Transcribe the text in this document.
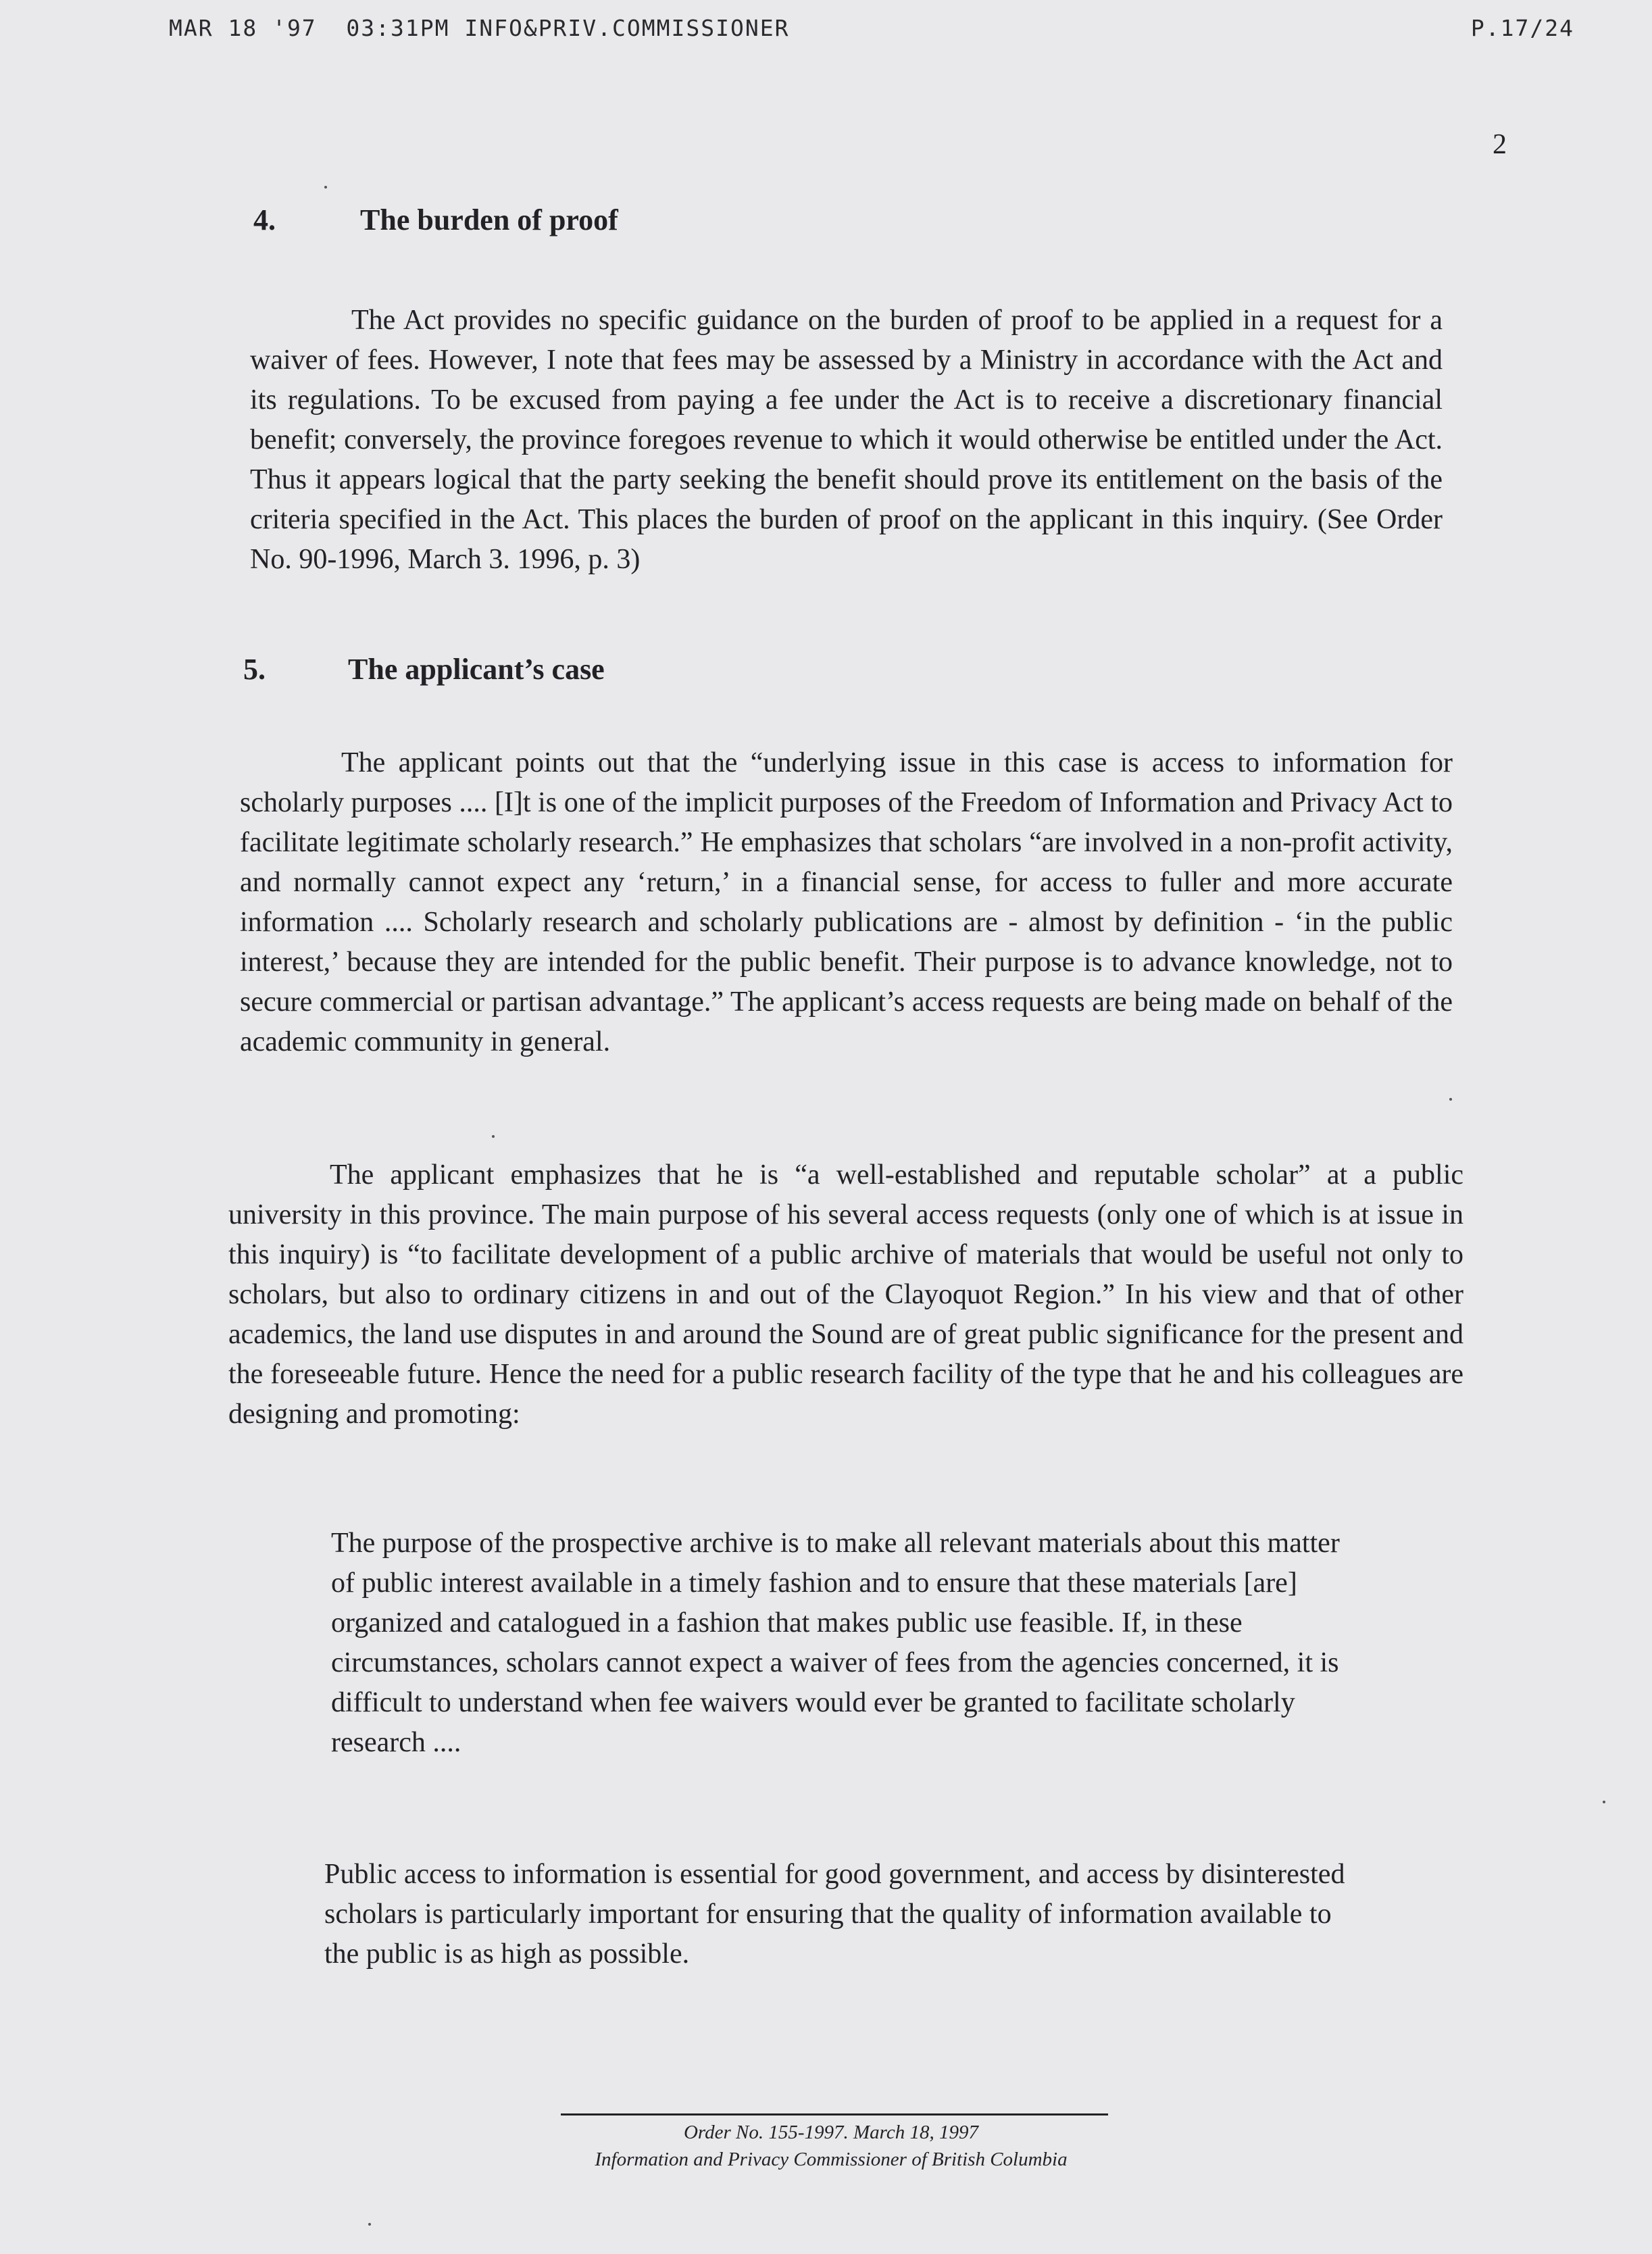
MAR 18 '97  03:31PM INFO&PRIV.COMMISSIONER	P.17/24
2
4.	The burden of proof

The Act provides no specific guidance on the burden of proof to be applied in a request for a waiver of fees. However, I note that fees may be assessed by a Ministry in accordance with the Act and its regulations. To be excused from paying a fee under the Act is to receive a discretionary financial benefit; conversely, the province foregoes revenue to which it would otherwise be entitled under the Act. Thus it appears logical that the party seeking the benefit should prove its entitlement on the basis of the criteria specified in the Act. This places the burden of proof on the applicant in this inquiry. (See Order No. 90-1996, March 3. 1996, p. 3)

5.	The applicant’s case

The applicant points out that the “underlying issue in this case is access to information for scholarly purposes .... [I]t is one of the implicit purposes of the Freedom of Information and Privacy Act to facilitate legitimate scholarly research.” He emphasizes that scholars “are involved in a non-profit activity, and normally cannot expect any ‘return,’ in a financial sense, for access to fuller and more accurate information .... Scholarly research and scholarly publications are - almost by definition - ‘in the public interest,’ because they are intended for the public benefit. Their purpose is to advance knowledge, not to secure commercial or partisan advantage.” The applicant’s access requests are being made on behalf of the academic community in general.

The applicant emphasizes that he is “a well-established and reputable scholar” at a public university in this province. The main purpose of his several access requests (only one of which is at issue in this inquiry) is “to facilitate development of a public archive of materials that would be useful not only to scholars, but also to ordinary citizens in and out of the Clayoquot Region.” In his view and that of other academics, the land use disputes in and around the Sound are of great public significance for the present and the foreseeable future. Hence the need for a public research facility of the type that he and his colleagues are designing and promoting:

The purpose of the prospective archive is to make all relevant materials about this matter of public interest available in a timely fashion and to ensure that these materials [are] organized and catalogued in a fashion that makes public use feasible. If, in these circumstances, scholars cannot expect a waiver of fees from the agencies concerned, it is difficult to understand when fee waivers would ever be granted to facilitate scholarly research ....

Public access to information is essential for good government, and access by disinterested scholars is particularly important for ensuring that the quality of information available to the public is as high as possible.

Order No. 155-1997. March 18, 1997
Information and Privacy Commissioner of British Columbia
